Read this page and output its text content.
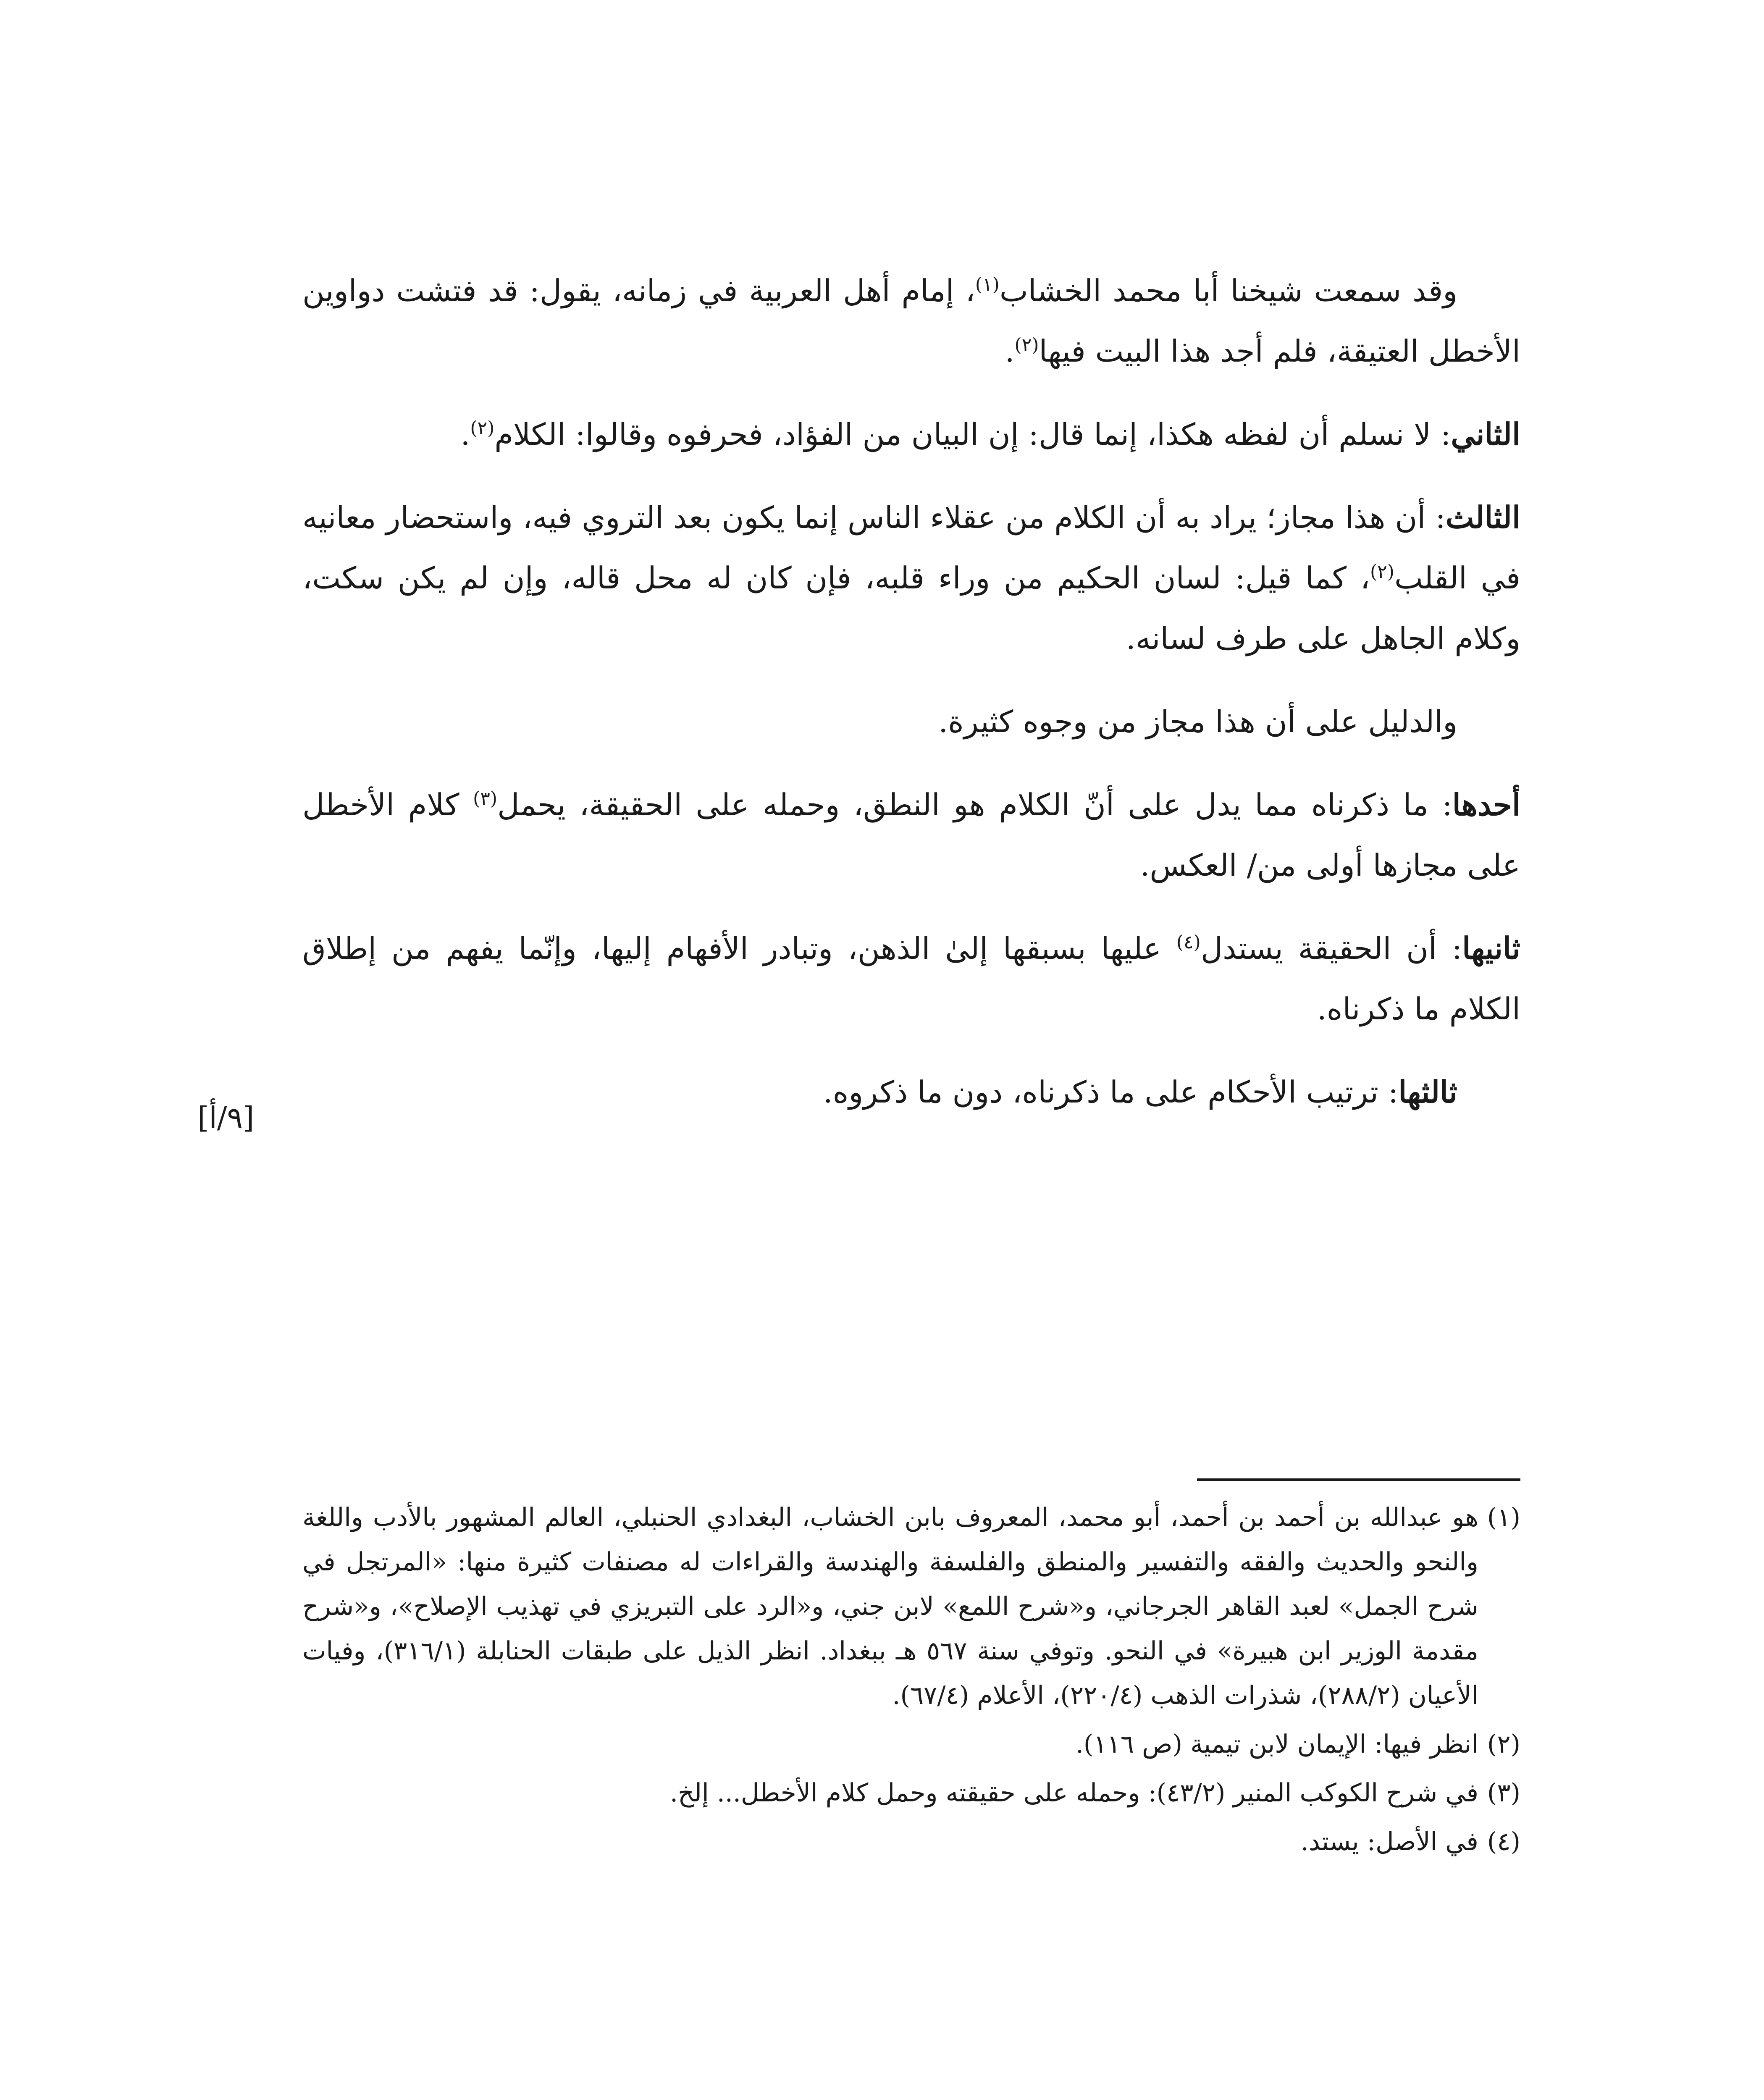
وقد سمعت شيخنا أبا محمد الخشاب$^{(١)}$، إمام أهل العربية في زمانه، يقول: قد فتشت دواوين الأخطل العتيقة، فلم أجد هذا البيت فيها$^{(٢)}$.

الثاني: لا نسلم أن لفظه هكذا، إنما قال: إن البيان من الفؤاد، فحرفوه وقالوا: الكلام$^{(٢)}$.

الثالث: أن هذا مجاز؛ يراد به أن الكلام من عقلاء الناس إنما يكون بعد التروي فيه، واستحضار معانيه في القلب$^{(٢)}$، كما قيل: لسان الحكيم من وراء قلبه، فإن كان له محل قاله، وإن لم يكن سكت، وكلام الجاهل على طرف لسانه.

والدليل على أن هذا مجاز من وجوه كثيرة.

أحدها: ما ذكرناه مما يدل على أنّ الكلام هو النطق، وحمله على الحقيقة، يحمل$^{(٣)}$ كلام الأخطل على مجازها أولى من/ العكس.

ثانيها: أن الحقيقة يستدل$^{(٤)}$ عليها بسبقها إلىٰ الذهن، وتبادر الأفهام إليها، وإنّما يفهم من إطلاق الكلام ما ذكرناه.

ثالثها: ترتيب الأحكام على ما ذكرناه، دون ما ذكروه.

[٩/أ]

(١)
هو عبدالله بن أحمد بن أحمد، أبو محمد، المعروف بابن الخشاب، البغدادي الحنبلي، العالم المشهور بالأدب واللغة والنحو والحديث والفقه والتفسير والمنطق والفلسفة والهندسة والقراءات له مصنفات كثيرة منها: «المرتجل في شرح الجمل» لعبد القاهر الجرجاني، و«شرح اللمع» لابن جني، و«الرد على التبريزي في تهذيب الإصلاح»، و«شرح مقدمة الوزير ابن هبيرة» في النحو. وتوفي سنة ٥٦٧ هـ ببغداد. انظر الذيل على طبقات الحنابلة (٣١٦/١)، وفيات الأعيان (٢٨٨/٢)، شذرات الذهب (٢٢٠/٤)، الأعلام (٦٧/٤).

(٢)
انظر فيها: الإيمان لابن تيمية (ص ١١٦).

(٣)
في شرح الكوكب المنير (٤٣/٢): وحمله على حقيقته وحمل كلام الأخطل... إلخ.

(٤)
في الأصل: يستد.
